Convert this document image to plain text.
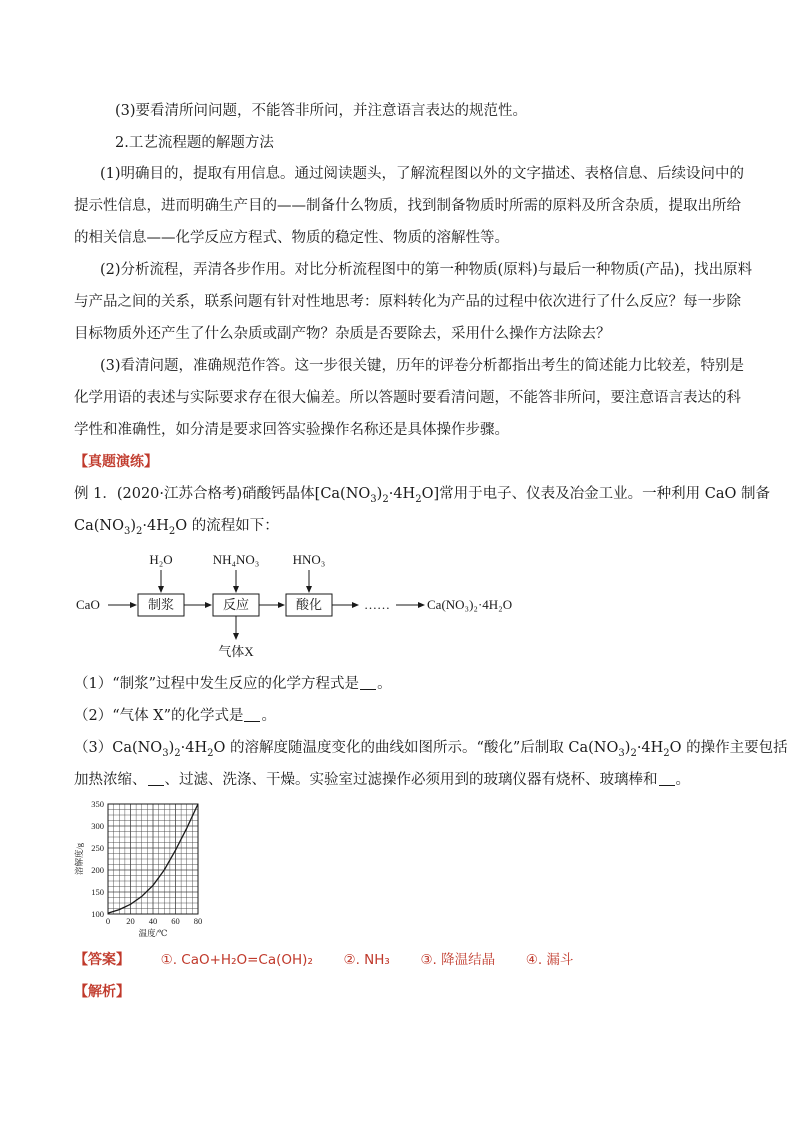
(3)要看清所问问题，不能答非所问，并注意语言表达的规范性。
2.工艺流程题的解题方法
(1)明确目的，提取有用信息。通过阅读题头，了解流程图以外的文字描述、表格信息、后续设问中的
提示性信息，进而明确生产目的——制备什么物质，找到制备物质时所需的原料及所含杂质，提取出所给
的相关信息——化学反应方程式、物质的稳定性、物质的溶解性等。
(2)分析流程，弄清各步作用。对比分析流程图中的第一种物质(原料)与最后一种物质(产品)，找出原料
与产品之间的关系，联系问题有针对性地思考：原料转化为产品的过程中依次进行了什么反应？每一步除
目标物质外还产生了什么杂质或副产物？杂质是否要除去，采用什么操作方法除去？
(3)看清问题，准确规范作答。这一步很关键，历年的评卷分析都指出考生的简述能力比较差，特别是
化学用语的表述与实际要求存在很大偏差。所以答题时要看清问题，不能答非所问，要注意语言表达的科
学性和准确性，如分清是要求回答实验操作名称还是具体操作步骤。
【真题演练】
例 1．(2020·江苏合格考)硝酸钙晶体$[Ca(NO_3)_2\cdot 4H_2O]$常用于电子、仪表及冶金工业。一种利用 CaO 制备
$Ca(NO_3)_2\cdot 4H_2O$ 的流程如下：
CaO	制浆
H₂O
反应
NH₄NO₃
气体X
酸化
HNO₃
……	Ca(NO₃)₂·4H₂O
（1）“制浆”过程中发生反应的化学方程式是 。
（2）“气体 X”的化学式是 。
$(3)Ca(NO_3)_2\cdot 4H_2O$ 的溶解度随温度变化的曲线如图所示。“酸化”后制取 $Ca(NO_3)_2\cdot 4H_2O$ 的操作主要包括
加热浓缩、 、过滤、洗涤、干燥。实验室过滤操作必须用到的玻璃仪器有烧杯、玻璃棒和 。
100
150
200
250
300
350
0 20 40 60 80
溶解度/g
温度/℃
【答案】 ①. CaO+H₂O=Ca(OH)₂ ②. NH₃ ③. 降温结晶 ④. 漏斗
【解析】
